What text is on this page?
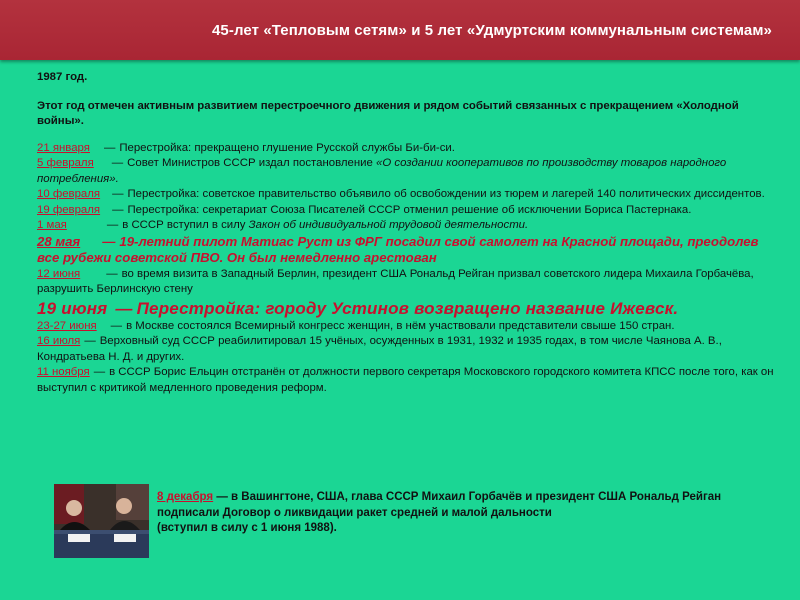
45-лет «Тепловым сетям» и 5 лет «Удмуртским коммунальным системам»

1987 год.

Этот год отмечен активным развитием перестроечного движения и рядом событий связанных с прекращением «Холодной войны».

21 января — Перестройка: прекращено глушение Русской службы Би-би-си.

5 февраля — Совет Министров СССР издал постановление «О создании кооперативов по производству товаров народного потребления».

10 февраля — Перестройка: советское правительство объявило об освобождении из тюрем и лагерей 140 политических диссидентов.

19 февраля — Перестройка: секретариат Союза Писателей СССР отменил решение об исключении Бориса Пастернака.

1 мая	— в СССР вступил в силу Закон об индивидуальной трудовой деятельности.

28 мая — 19-летний пилот Матиас Руст из ФРГ посадил свой самолет на Красной площади, преодолев все рубежи советской ПВО. Он был немедленно арестован

12 июня — во время визита в Западный Берлин, президент США Рональд Рейган призвал советского лидера Михаила Горбачёва, разрушить Берлинскую стену

19 июня — Перестройка: городу Устинов возвращено название Ижевск.

23-27 июня — в Москве состоялся Всемирный конгресс женщин, в нём участвовали представители свыше 150 стран.

16 июля — Верховный суд СССР реабилитировал 15 учёных, осужденных в 1931, 1932 и 1935 годах, в том числе Чаянова А. В., Кондратьева Н. Д. и других.

11 ноября — в СССР Борис Ельцин отстранён от должности первого секретаря Московского городского комитета КПСС после того, как он выступил с критикой медленного проведения реформ.

8 декабря — в Вашингтоне, США, глава СССР Михаил Горбачёв и президент США Рональд Рейган подписали Договор о ликвидации ракет средней и малой дальности
(вступил в силу с 1 июня 1988).
